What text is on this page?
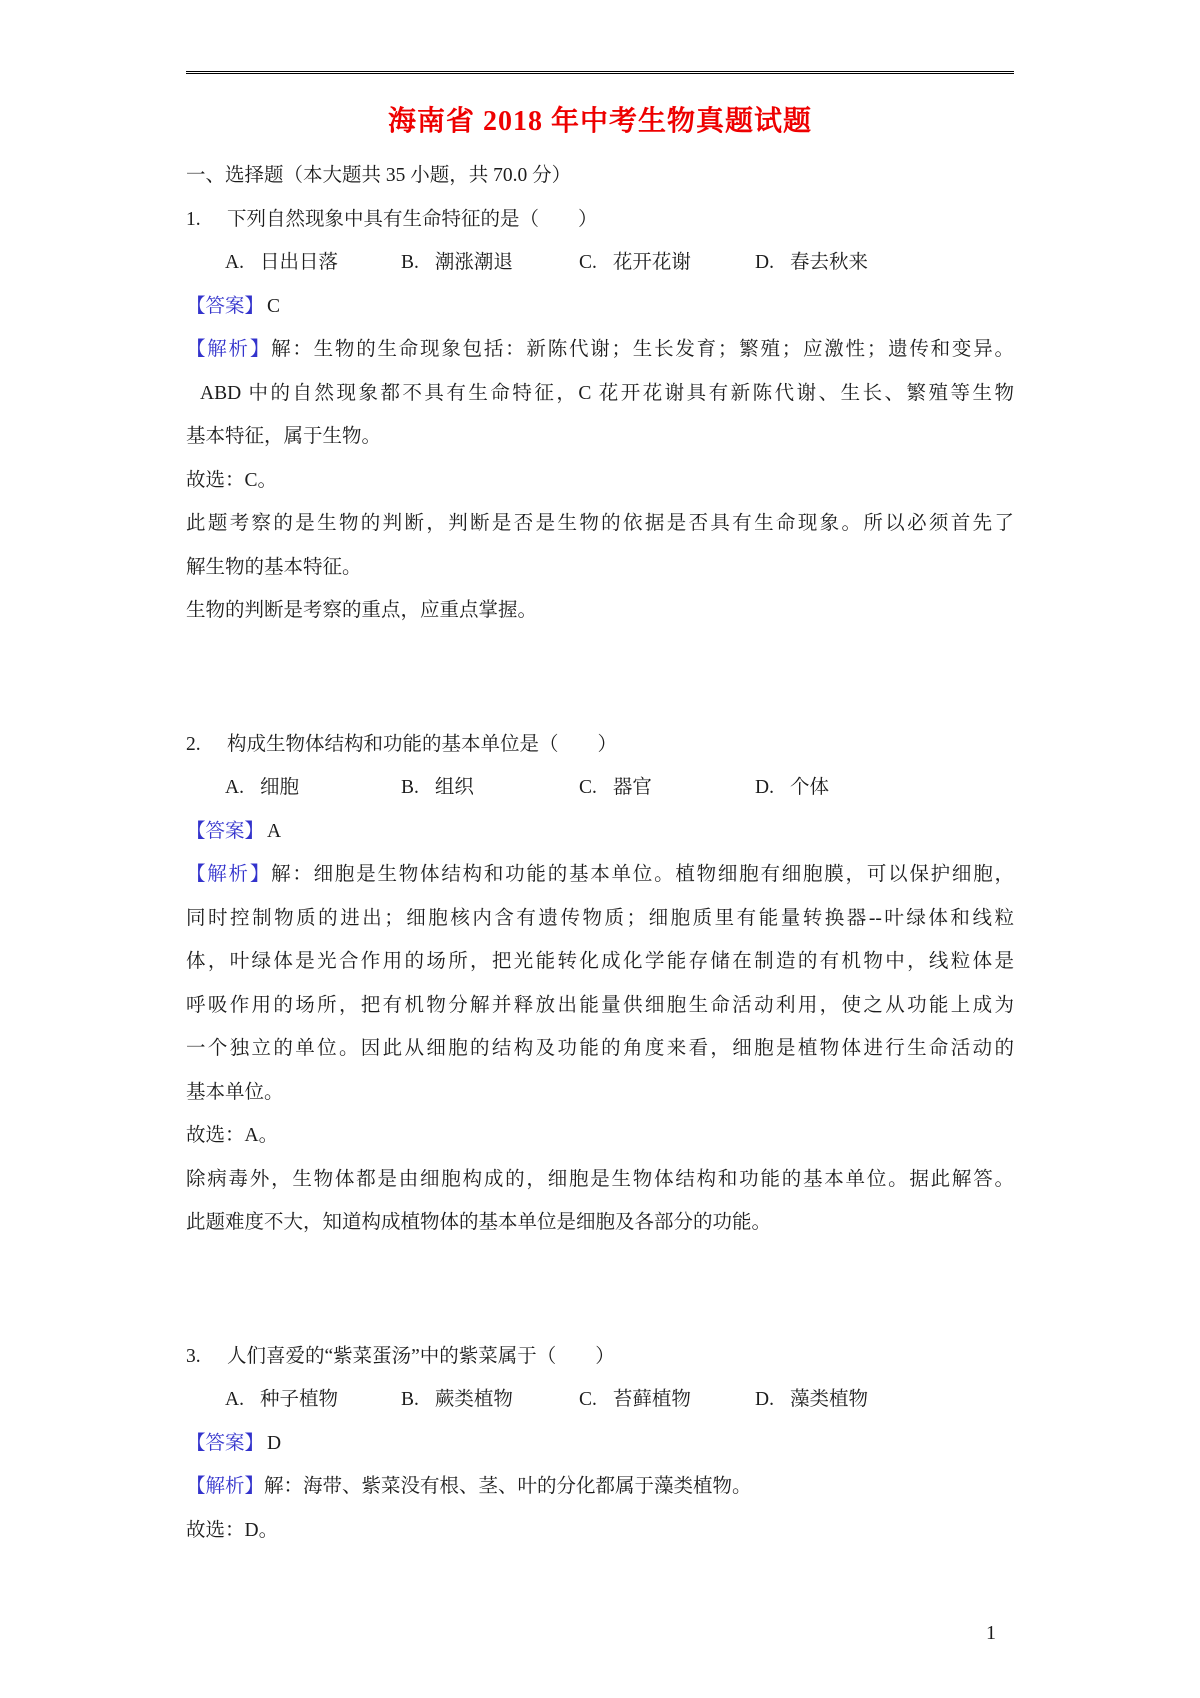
海南省 2018 年中考生物真题试题
一、选择题（本大题共 35 小题，共 70.0 分）
1.	下列自然现象中具有生命特征的是（　　）
A. 日出日落	B. 潮涨潮退	C. 花开花谢	D. 春去秋来
【答案】 C
【解析】解：生物的生命现象包括：新陈代谢；生长发育；繁殖；应激性；遗传和变异。
ABD 中的自然现象都不具有生命特征，C 花开花谢具有新陈代谢、生长、繁殖等生物
基本特征，属于生物。
故选：C。
此题考察的是生物的判断，判断是否是生物的依据是否具有生命现象。所以必须首先了
解生物的基本特征。
生物的判断是考察的重点，应重点掌握。
2.	构成生物体结构和功能的基本单位是（　　）
A. 细胞	B. 组织	C. 器官	D. 个体
【答案】 A
【解析】解：细胞是生物体结构和功能的基本单位。植物细胞有细胞膜，可以保护细胞，
同时控制物质的进出；细胞核内含有遗传物质；细胞质里有能量转换器--叶绿体和线粒
体，叶绿体是光合作用的场所，把光能转化成化学能存储在制造的有机物中，线粒体是
呼吸作用的场所，把有机物分解并释放出能量供细胞生命活动利用，使之从功能上成为
一个独立的单位。因此从细胞的结构及功能的角度来看，细胞是植物体进行生命活动的
基本单位。
故选：A。
除病毒外，生物体都是由细胞构成的，细胞是生物体结构和功能的基本单位。据此解答。
此题难度不大，知道构成植物体的基本单位是细胞及各部分的功能。
3.	人们喜爱的“紫菜蛋汤”中的紫菜属于（　　）
A. 种子植物	B. 蕨类植物	C. 苔藓植物	D. 藻类植物
【答案】 D
【解析】解：海带、紫菜没有根、茎、叶的分化都属于藻类植物。
故选：D。
1
